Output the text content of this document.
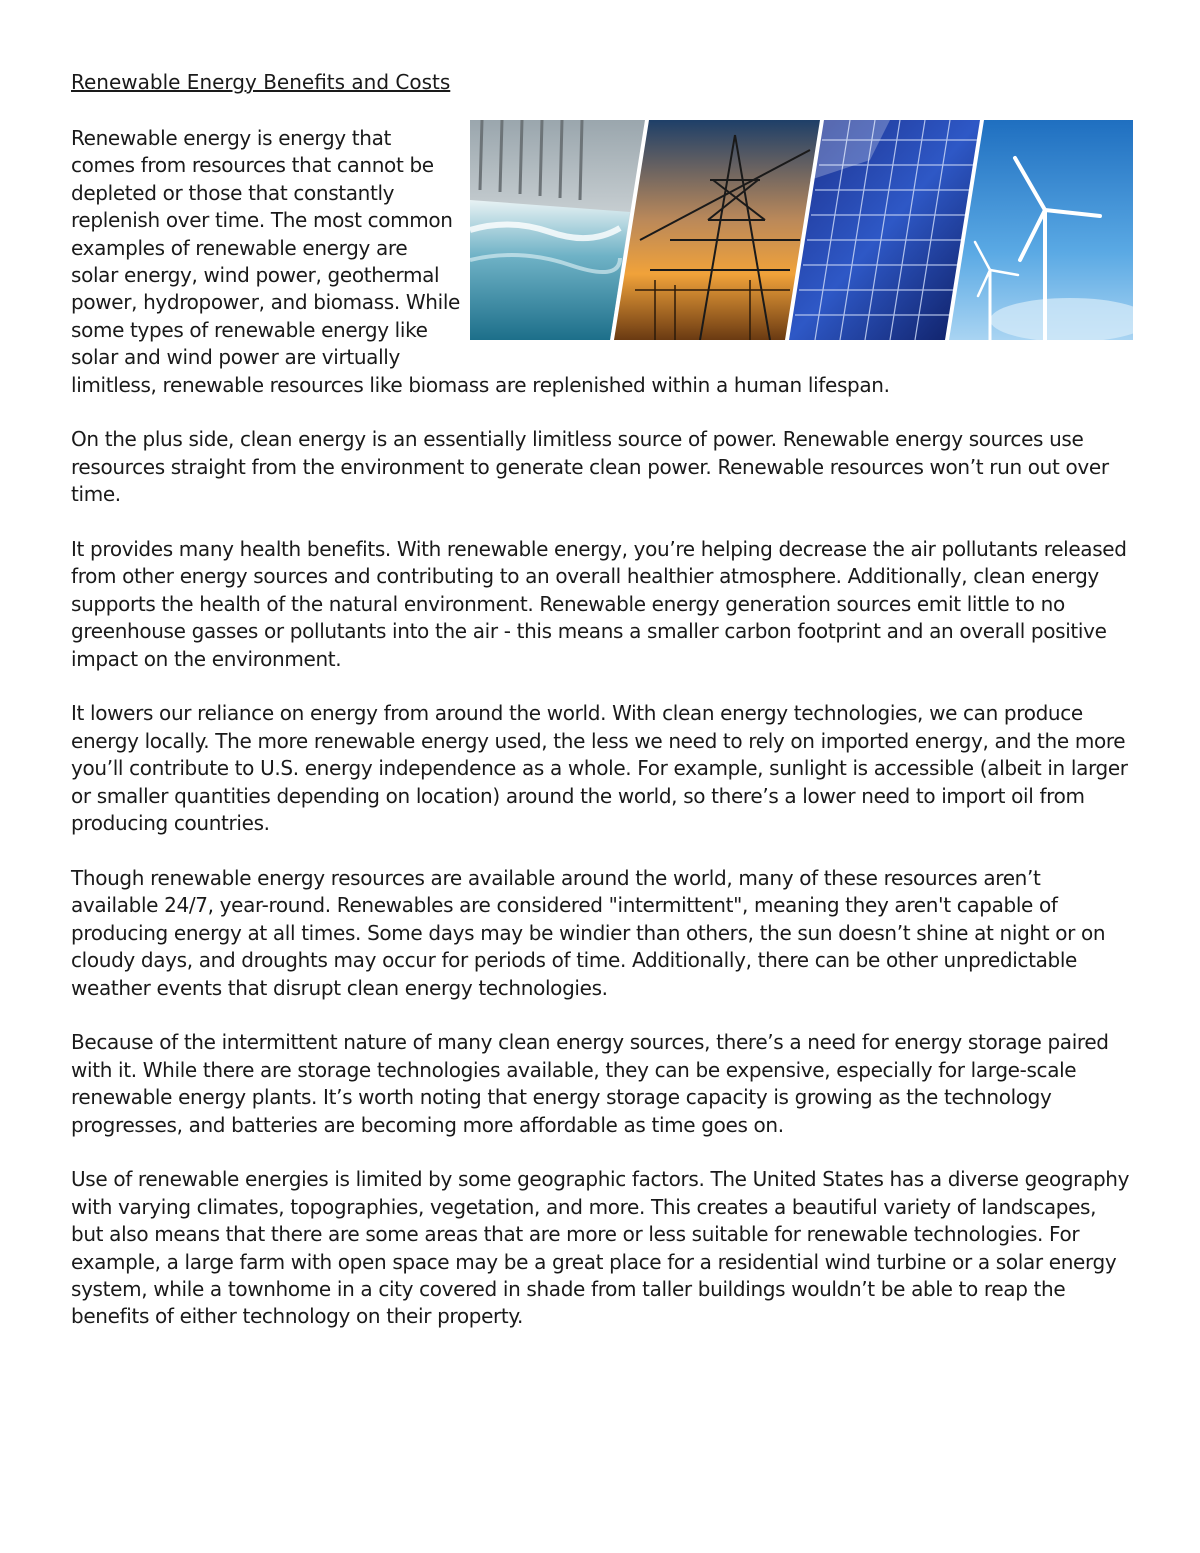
Renewable Energy Benefits and Costs

Renewable energy is energy that comes from resources that cannot be depleted or those that constantly replenish over time. The most common examples of renewable energy are solar energy, wind power, geothermal power, hydropower, and biomass. While some types of renewable energy like solar and wind power are virtually limitless, renewable resources like biomass are replenished within a human lifespan.

On the plus side, clean energy is an essentially limitless source of power. Renewable energy sources use resources straight from the environment to generate clean power. Renewable resources won’t run out over time.

It provides many health benefits. With renewable energy, you’re helping decrease the air pollutants released from other energy sources and contributing to an overall healthier atmosphere. Additionally, clean energy supports the health of the natural environment. Renewable energy generation sources emit little to no greenhouse gasses or pollutants into the air - this means a smaller carbon footprint and an overall positive impact on the environment.

It lowers our reliance on energy from around the world. With clean energy technologies, we can produce energy locally. The more renewable energy used, the less we need to rely on imported energy, and the more you’ll contribute to U.S. energy independence as a whole. For example, sunlight is accessible (albeit in larger or smaller quantities depending on location) around the world, so there’s a lower need to import oil from producing countries.

Though renewable energy resources are available around the world, many of these resources aren’t available 24/7, year-round. Renewables are considered "intermittent", meaning they aren't capable of producing energy at all times. Some days may be windier than others, the sun doesn’t shine at night or on cloudy days, and droughts may occur for periods of time. Additionally, there can be other unpredictable weather events that disrupt clean energy technologies.

Because of the intermittent nature of many clean energy sources, there’s a need for energy storage paired with it. While there are storage technologies available, they can be expensive, especially for large-scale renewable energy plants. It’s worth noting that energy storage capacity is growing as the technology progresses, and batteries are becoming more affordable as time goes on.

Use of renewable energies is limited by some geographic factors. The United States has a diverse geography with varying climates, topographies, vegetation, and more. This creates a beautiful variety of landscapes, but also means that there are some areas that are more or less suitable for renewable technologies. For example, a large farm with open space may be a great place for a residential wind turbine or a solar energy system, while a townhome in a city covered in shade from taller buildings wouldn’t be able to reap the benefits of either technology on their property.
